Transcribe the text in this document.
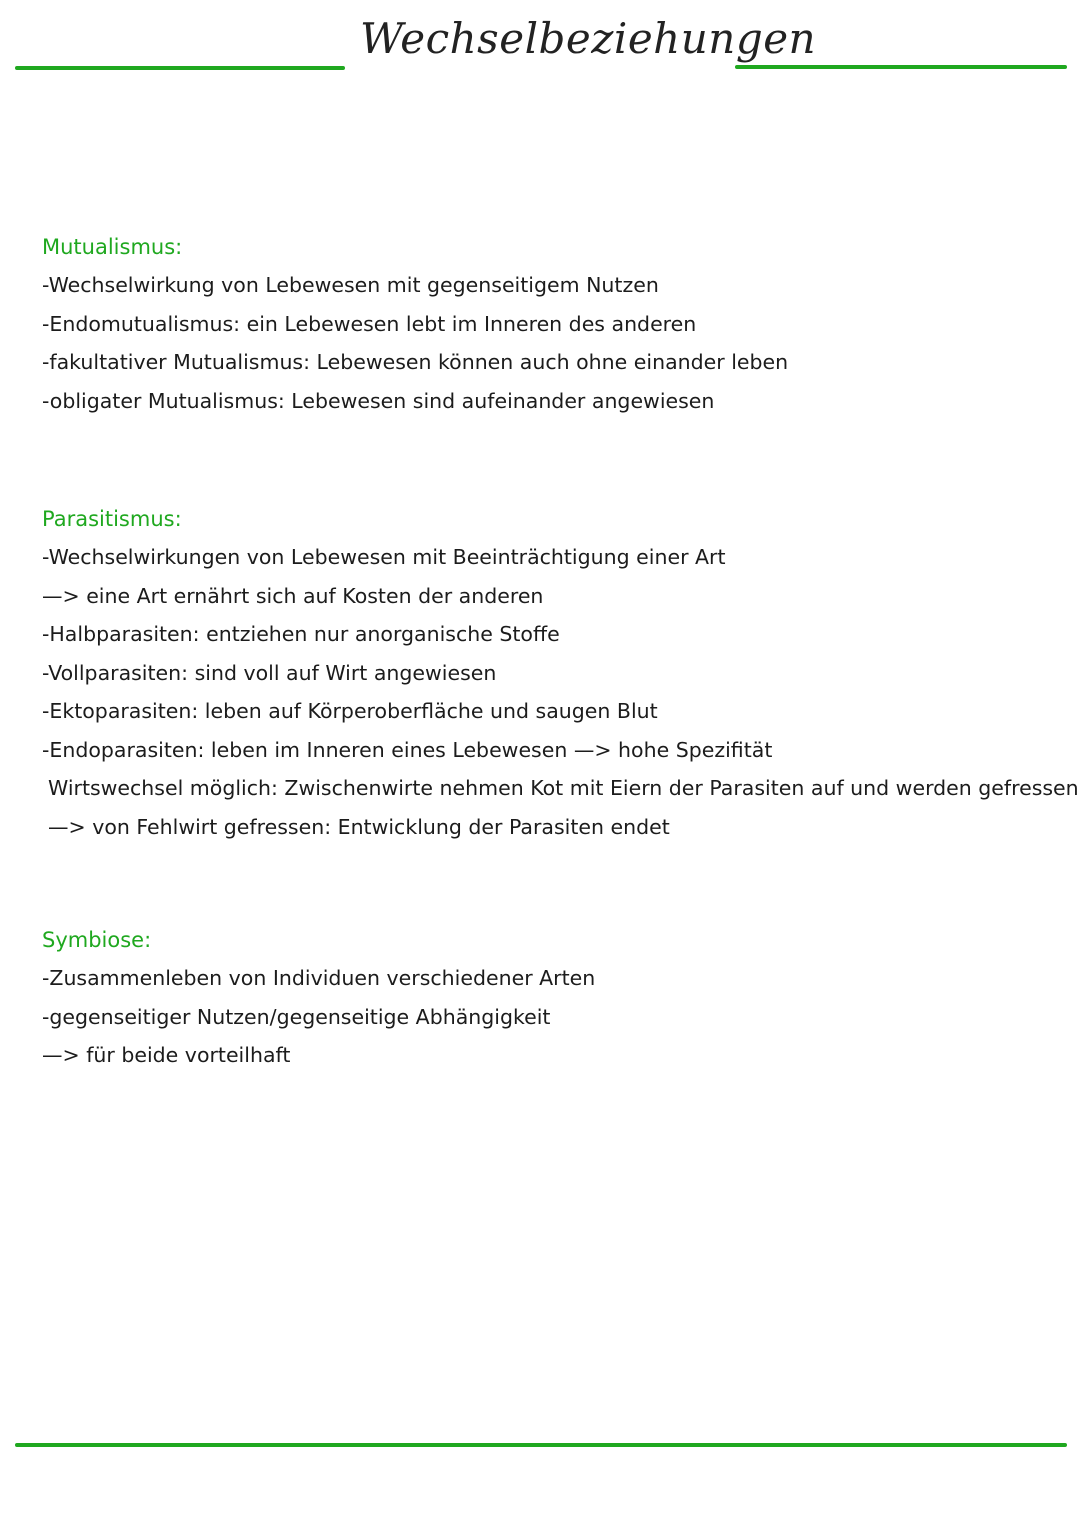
Wechselbeziehungen
Mutualismus:
-Wechselwirkung von Lebewesen mit gegenseitigem Nutzen
-Endomutualismus: ein Lebewesen lebt im Inneren des anderen
-fakultativer Mutualismus: Lebewesen können auch ohne einander leben
-obligater Mutualismus: Lebewesen sind aufeinander angewiesen
Parasitismus:
-Wechselwirkungen von Lebewesen mit Beeinträchtigung einer Art
—> eine Art ernährt sich auf Kosten der anderen
-Halbparasiten: entziehen nur anorganische Stoffe
-Vollparasiten: sind voll auf Wirt angewiesen
-Ektoparasiten: leben auf Körperoberfläche und saugen Blut
-Endoparasiten: leben im Inneren eines Lebewesen —> hohe Spezifität
Wirtswechsel möglich: Zwischenwirte nehmen Kot mit Eiern der Parasiten auf und werden gefressen
—> von Fehlwirt gefressen: Entwicklung der Parasiten endet
Symbiose:
-Zusammenleben von Individuen verschiedener Arten
-gegenseitiger Nutzen/gegenseitige Abhängigkeit
—> für beide vorteilhaft
